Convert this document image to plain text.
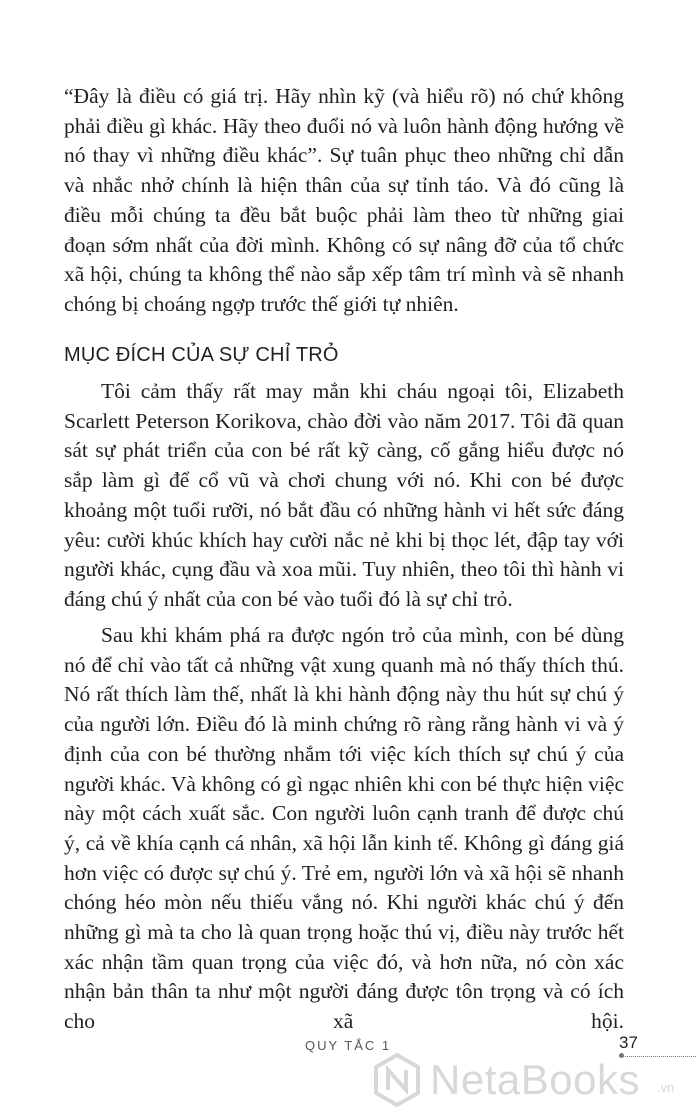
“Đây là điều có giá trị. Hãy nhìn kỹ (và hiểu rõ) nó chứ không phải điều gì khác. Hãy theo đuổi nó và luôn hành động hướng về nó thay vì những điều khác”. Sự tuân phục theo những chỉ dẫn và nhắc nhở chính là hiện thân của sự tỉnh táo. Và đó cũng là điều mỗi chúng ta đều bắt buộc phải làm theo từ những giai đoạn sớm nhất của đời mình. Không có sự nâng đỡ của tổ chức xã hội, chúng ta không thể nào sắp xếp tâm trí mình và sẽ nhanh chóng bị choáng ngợp trước thế giới tự nhiên.

MỤC ĐÍCH CỦA SỰ CHỈ TRỎ

Tôi cảm thấy rất may mắn khi cháu ngoại tôi, Elizabeth Scarlett Peterson Korikova, chào đời vào năm 2017. Tôi đã quan sát sự phát triển của con bé rất kỹ càng, cố gắng hiểu được nó sắp làm gì để cổ vũ và chơi chung với nó. Khi con bé được khoảng một tuổi rưỡi, nó bắt đầu có những hành vi hết sức đáng yêu: cười khúc khích hay cười nắc nẻ khi bị thọc lét, đập tay với người khác, cụng đầu và xoa mũi. Tuy nhiên, theo tôi thì hành vi đáng chú ý nhất của con bé vào tuổi đó là sự chỉ trỏ.

Sau khi khám phá ra được ngón trỏ của mình, con bé dùng nó để chỉ vào tất cả những vật xung quanh mà nó thấy thích thú. Nó rất thích làm thế, nhất là khi hành động này thu hút sự chú ý của người lớn. Điều đó là minh chứng rõ ràng rằng hành vi và ý định của con bé thường nhắm tới việc kích thích sự chú ý của người khác. Và không có gì ngạc nhiên khi con bé thực hiện việc này một cách xuất sắc. Con người luôn cạnh tranh để được chú ý, cả về khía cạnh cá nhân, xã hội lẫn kinh tế. Không gì đáng giá hơn việc có được sự chú ý. Trẻ em, người lớn và xã hội sẽ nhanh chóng héo mòn nếu thiếu vắng nó. Khi người khác chú ý đến những gì mà ta cho là quan trọng hoặc thú vị, điều này trước hết xác nhận tầm quan trọng của việc đó, và hơn nữa, nó còn xác nhận bản thân ta như một người đáng được tôn trọng và có ích cho xã hội.

QUY TẮC 1	37
NetaBooks .vn
